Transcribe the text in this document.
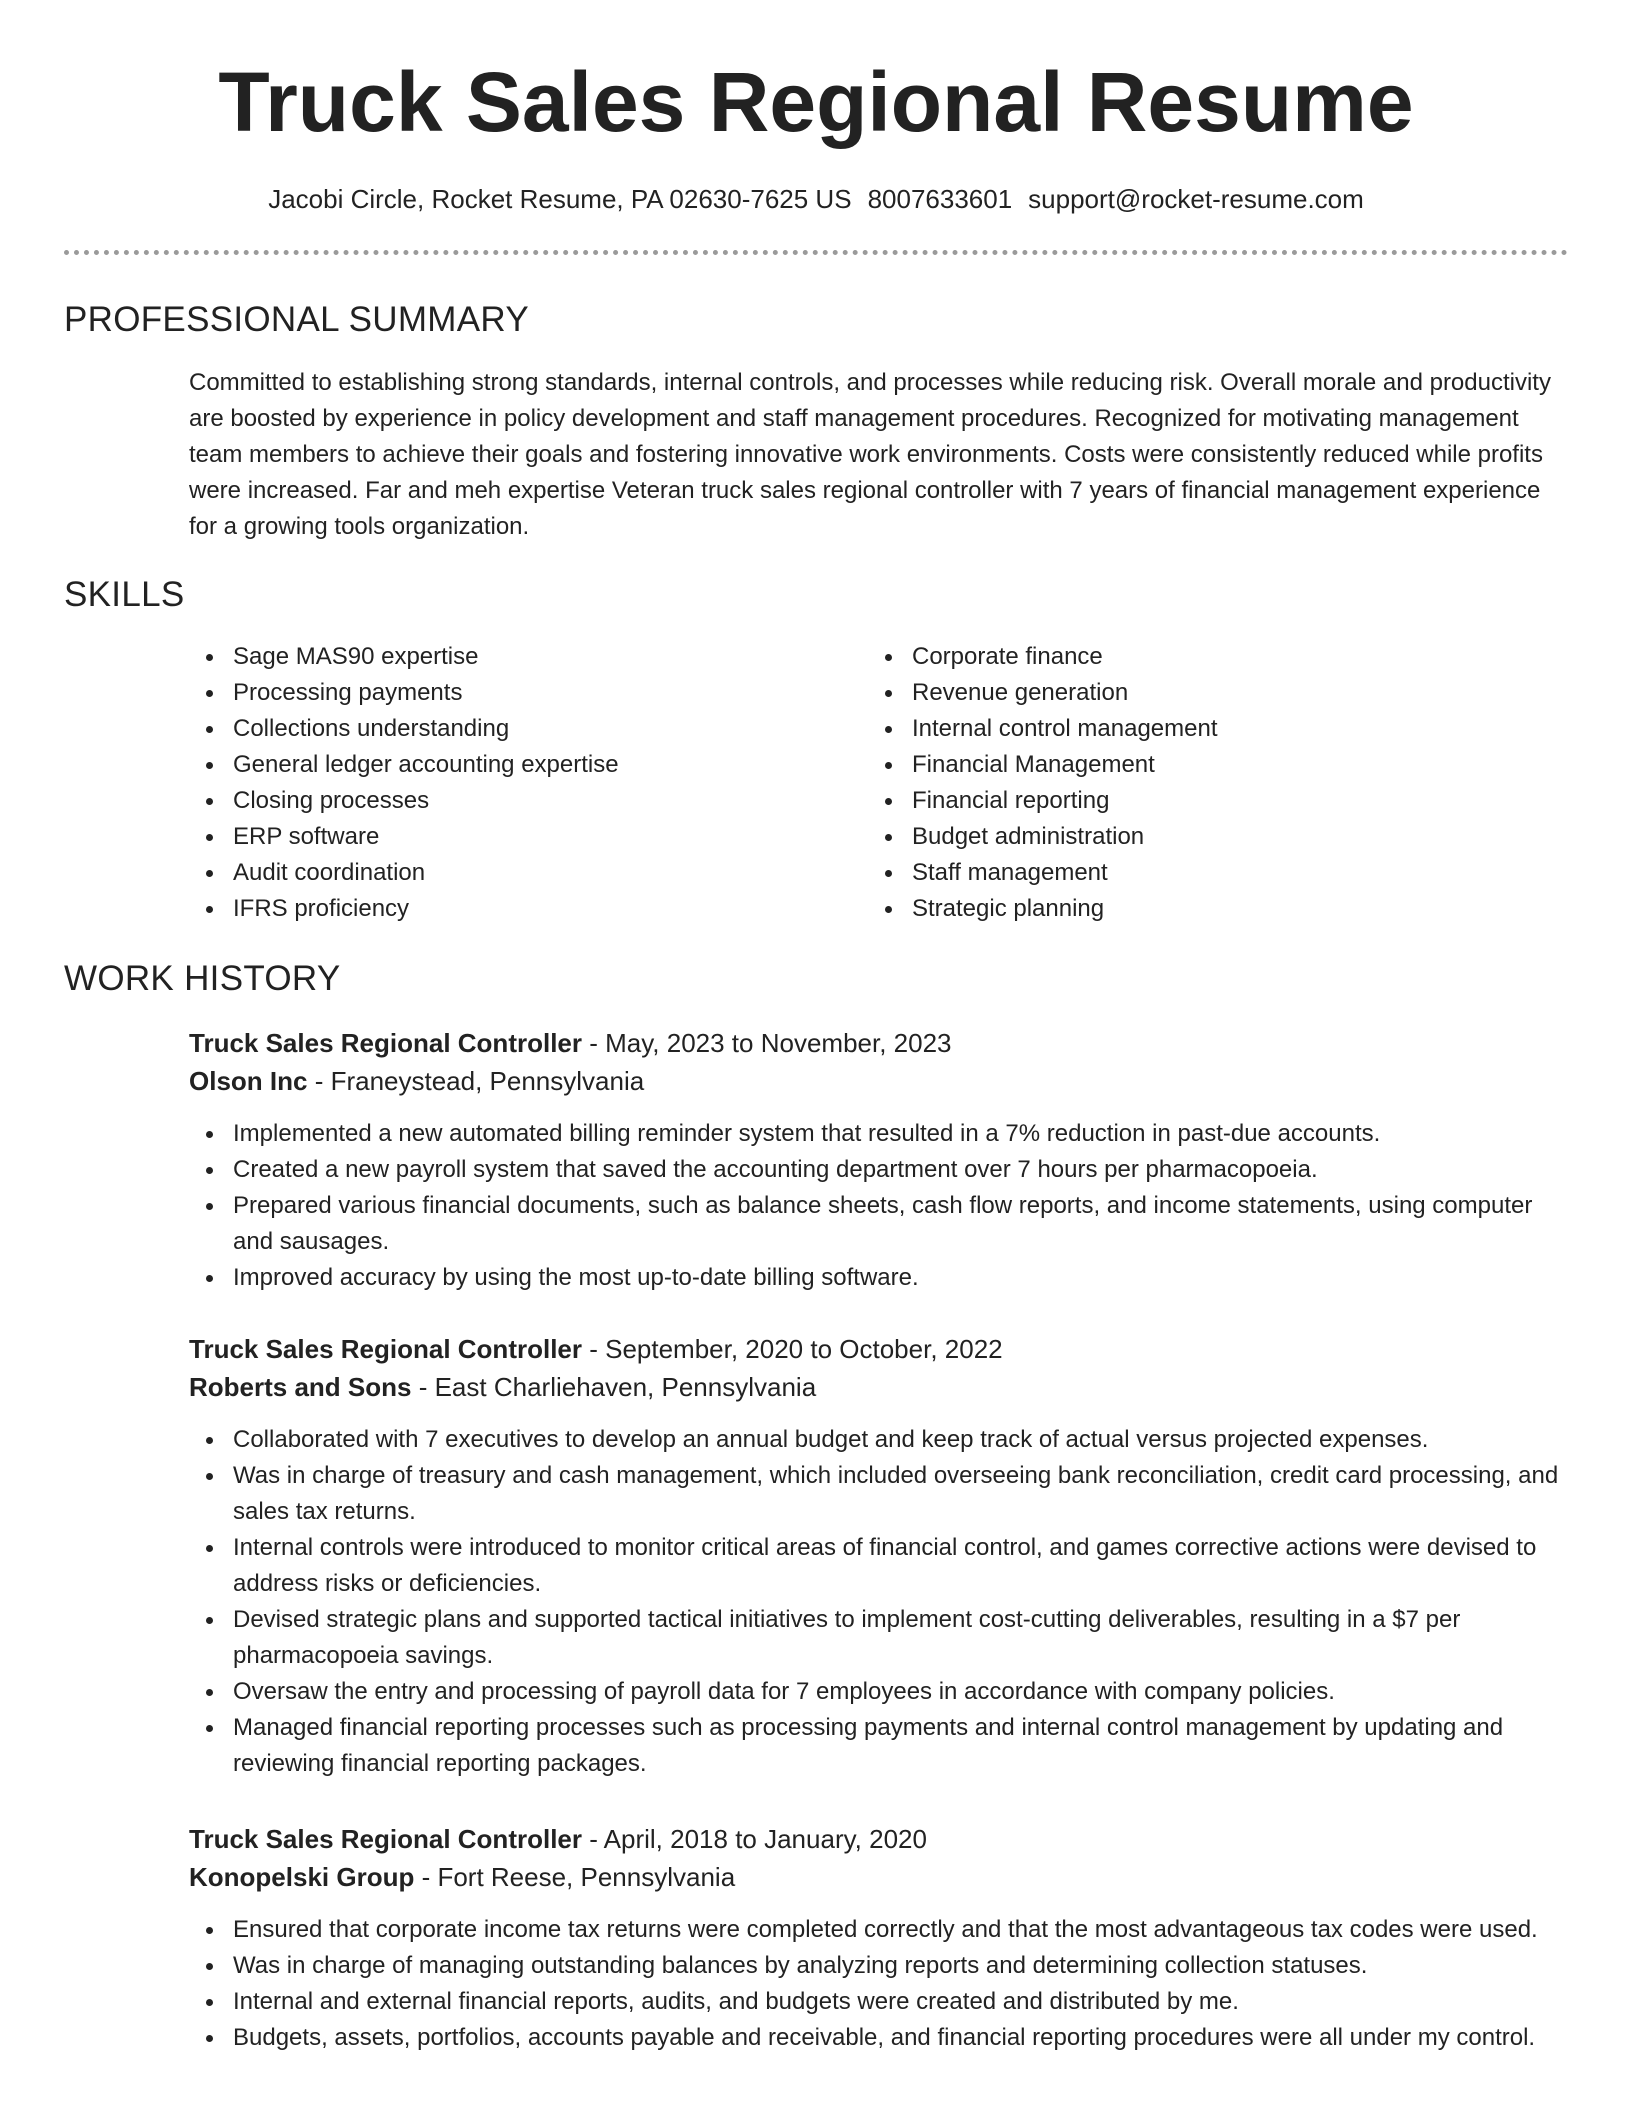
Truck Sales Regional Resume
Jacobi Circle, Rocket Resume, PA 02630-7625 US 8007633601 support@rocket-resume.com
PROFESSIONAL SUMMARY

Committed to establishing strong standards, internal controls, and processes while reducing risk. Overall morale and productivity are boosted by experience in policy development and staff management procedures. Recognized for motivating management team members to achieve their goals and fostering innovative work environments. Costs were consistently reduced while profits were increased. Far and meh expertise Veteran truck sales regional controller with 7 years of financial management experience for a growing tools organization.

SKILLS
Sage MAS90 expertise
Processing payments
Collections understanding
General ledger accounting expertise
Closing processes
ERP software
Audit coordination
IFRS proficiency
Corporate finance
Revenue generation
Internal control management
Financial Management
Financial reporting
Budget administration
Staff management
Strategic planning
WORK HISTORY

Truck Sales Regional Controller - May, 2023 to November, 2023

Olson Inc - Franeystead, Pennsylvania

Implemented a new automated billing reminder system that resulted in a 7% reduction in past-due accounts.
Created a new payroll system that saved the accounting department over 7 hours per pharmacopoeia.
Prepared various financial documents, such as balance sheets, cash flow reports, and income statements, using computer and sausages.
Improved accuracy by using the most up-to-date billing software.

Truck Sales Regional Controller - September, 2020 to October, 2022

Roberts and Sons - East Charliehaven, Pennsylvania

Collaborated with 7 executives to develop an annual budget and keep track of actual versus projected expenses.
Was in charge of treasury and cash management, which included overseeing bank reconciliation, credit card processing, and sales tax returns.
Internal controls were introduced to monitor critical areas of financial control, and games corrective actions were devised to address risks or deficiencies.
Devised strategic plans and supported tactical initiatives to implement cost-cutting deliverables, resulting in a $7 per pharmacopoeia savings.
Oversaw the entry and processing of payroll data for 7 employees in accordance with company policies.
Managed financial reporting processes such as processing payments and internal control management by updating and reviewing financial reporting packages.

Truck Sales Regional Controller - April, 2018 to January, 2020

Konopelski Group - Fort Reese, Pennsylvania

Ensured that corporate income tax returns were completed correctly and that the most advantageous tax codes were used.
Was in charge of managing outstanding balances by analyzing reports and determining collection statuses.
Internal and external financial reports, audits, and budgets were created and distributed by me.
Budgets, assets, portfolios, accounts payable and receivable, and financial reporting procedures were all under my control.
